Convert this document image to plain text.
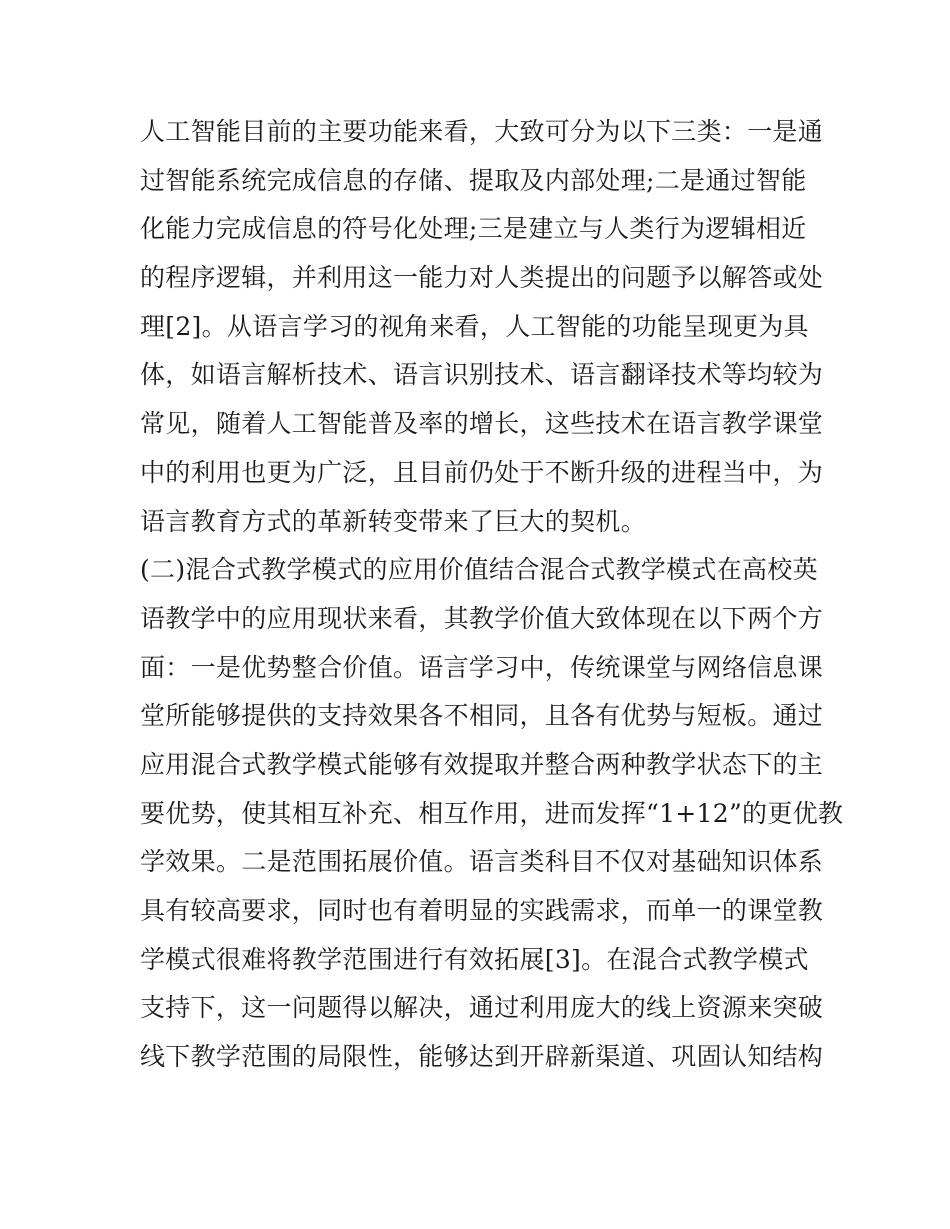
人工智能目前的主要功能来看，大致可分为以下三类：一是通
过智能系统完成信息的存储、提取及内部处理;二是通过智能
化能力完成信息的符号化处理;三是建立与人类行为逻辑相近
的程序逻辑，并利用这一能力对人类提出的问题予以解答或处
理[2]。从语言学习的视角来看，人工智能的功能呈现更为具
体，如语言解析技术、语言识别技术、语言翻译技术等均较为
常见，随着人工智能普及率的增长，这些技术在语言教学课堂
中的利用也更为广泛，且目前仍处于不断升级的进程当中，为
语言教育方式的革新转变带来了巨大的契机。
(二)混合式教学模式的应用价值结合混合式教学模式在高校英
语教学中的应用现状来看，其教学价值大致体现在以下两个方
面：一是优势整合价值。语言学习中，传统课堂与网络信息课
堂所能够提供的支持效果各不相同，且各有优势与短板。通过
应用混合式教学模式能够有效提取并整合两种教学状态下的主
要优势，使其相互补充、相互作用，进而发挥“1+12”的更优教
学效果。二是范围拓展价值。语言类科目不仅对基础知识体系
具有较高要求，同时也有着明显的实践需求，而单一的课堂教
学模式很难将教学范围进行有效拓展[3]。在混合式教学模式
支持下，这一问题得以解决，通过利用庞大的线上资源来突破
线下教学范围的局限性，能够达到开辟新渠道、巩固认知结构
